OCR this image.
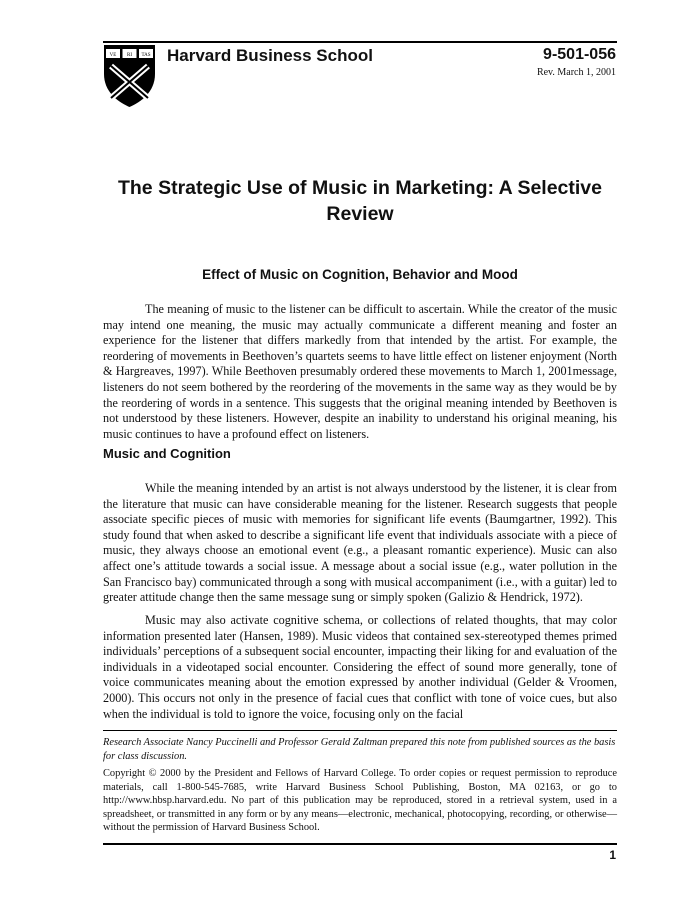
VE RI TAS Harvard Business School	9-501-056
Rev. March 1, 2001
The Strategic Use of Music in Marketing: A Selective Review
Effect of Music on Cognition, Behavior and Mood

The meaning of music to the listener can be difficult to ascertain. While the creator of the music may intend one meaning, the music may actually communicate a different meaning and foster an experience for the listener that differs markedly from that intended by the artist. For example, the reordering of movements in Beethoven’s quartets seems to have little effect on listener enjoyment (North & Hargreaves, 1997). While Beethoven presumably ordered these movements to March 1, 2001message, listeners do not seem bothered by the reordering of the movements in the same way as they would be by the reordering of words in a sentence. This suggests that the original meaning intended by Beethoven is not understood by these listeners. However, despite an inability to understand his original meaning, his music continues to have a profound effect on listeners.

Music and Cognition

While the meaning intended by an artist is not always understood by the listener, it is clear from the literature that music can have considerable meaning for the listener. Research suggests that people associate specific pieces of music with memories for significant life events (Baumgartner, 1992). This study found that when asked to describe a significant life event that individuals associate with a piece of music, they always choose an emotional event (e.g., a pleasant romantic experience). Music can also affect one’s attitude towards a social issue. A message about a social issue (e.g., water pollution in the San Francisco bay) communicated through a song with musical accompaniment (i.e., with a guitar) led to greater attitude change then the same message sung or simply spoken (Galizio & Hendrick, 1972).

Music may also activate cognitive schema, or collections of related thoughts, that may color information presented later (Hansen, 1989). Music videos that contained sex-stereotyped themes primed individuals’ perceptions of a subsequent social encounter, impacting their liking for and evaluation of the individuals in a videotaped social encounter. Considering the effect of sound more generally, tone of voice communicates meaning about the emotion expressed by another individual (Gelder & Vroomen, 2000). This occurs not only in the presence of facial cues that conflict with tone of voice cues, but also when the individual is told to ignore the voice, focusing only on the facial

Research Associate Nancy Puccinelli and Professor Gerald Zaltman prepared this note from published sources as the basis for class discussion.

Copyright © 2000 by the President and Fellows of Harvard College. To order copies or request permission to reproduce materials, call 1-800-545-7685, write Harvard Business School Publishing, Boston, MA 02163, or go to http://www.hbsp.harvard.edu. No part of this publication may be reproduced, stored in a retrieval system, used in a spreadsheet, or transmitted in any form or by any means—electronic, mechanical, photocopying, recording, or otherwise—without the permission of Harvard Business School.

1
